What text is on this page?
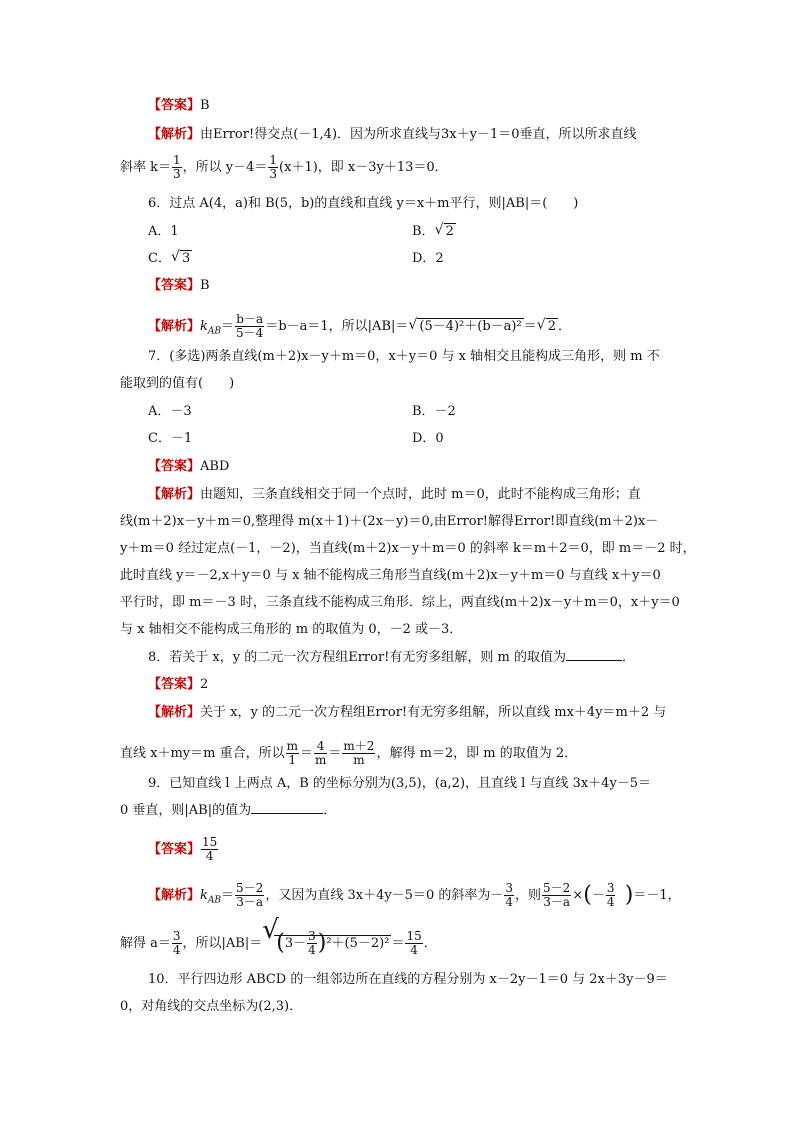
【答案】B
【解析】由Error!得交点(－1,4)．因为所求直线与3x＋y－1＝0垂直，所以所求直线
斜率 $k= \frac{1}{3}$ ，所以 $y-4= \frac{1}{3} (x+1)$，即 x－3y＋13＝0．
6．过点 A(4，a)和 B(5，b)的直线和直线 y＝x＋m平行，则|AB|＝(　　)
A．1	B． √ 2
C． √ 3	D．2
【答案】B
【解析】$k_{AB}= \frac{b-a}{5-4} =b-a=1$，所以|AB|＝ √ (5－4)²＋(b－a)² ＝ √ 2 ．
7．(多选)两条直线(m＋2)x－y＋m＝0，x＋y＝0 与 x 轴相交且能构成三角形，则 m 不
能取到的值有(　　)
A．－3	B．－2
C．－1	D．0
【答案】ABD
【解析】由题知，三条直线相交于同一个点时，此时 m＝0，此时不能构成三角形；直
线(m＋2)x－y＋m＝0,整理得 m(x＋1)＋(2x－y)＝0,由Error!解得Error!即直线(m＋2)x－
y＋m＝0 经过定点(－1，－2)，当直线(m＋2)x－y＋m＝0 的斜率 k＝m＋2＝0，即 m＝－2 时，
此时直线 y＝－2,x＋y＝0 与 x 轴不能构成三角形当直线(m＋2)x－y＋m＝0 与直线 x＋y＝0
平行时，即 m＝－3 时，三条直线不能构成三角形．综上，两直线(m＋2)x－y＋m＝0，x＋y＝0
与 x 轴相交不能构成三角形的 m 的取值为 0，－2 或－3．
8．若关于 x，y 的二元一次方程组Error!有无穷多组解，则 m 的取值为	．
【答案】2
【解析】关于 x，y 的二元一次方程组Error!有无穷多组解，所以直线 mx＋4y＝m＋2 与
直线 x＋my＝m 重合，所以 $\frac{m}{1} = \frac{4}{m} = \frac{m+2}{m}$ ，解得 m＝2，即 m 的取值为 2．
9．已知直线 l 上两点 A，B 的坐标分别为(3,5)，(a,2)，且直线 l 与直线 3x＋4y－5＝
0 垂直，则|AB|的值为	．
【答案】 $\frac{15}{4}$
【解析】$k_{AB}= \frac{5-2}{3-a}$ ，又因为直线 3x＋4y－5＝0 的斜率为－ $\frac{3}{4}$ ，则 $\frac{5-2}{3-a}$ ×(－ $\frac{3}{4} )=-1$，
解得 $a= \frac{3}{4}$ ，所以|AB|＝ √
$(3- \frac{3}{4} )^2+(5-2)^2 = \frac{15}{4}$ ．
10．平行四边形 ABCD 的一组邻边所在直线的方程分别为 x－2y－1＝0 与 2x＋3y－9＝
0，对角线的交点坐标为(2,3)．
